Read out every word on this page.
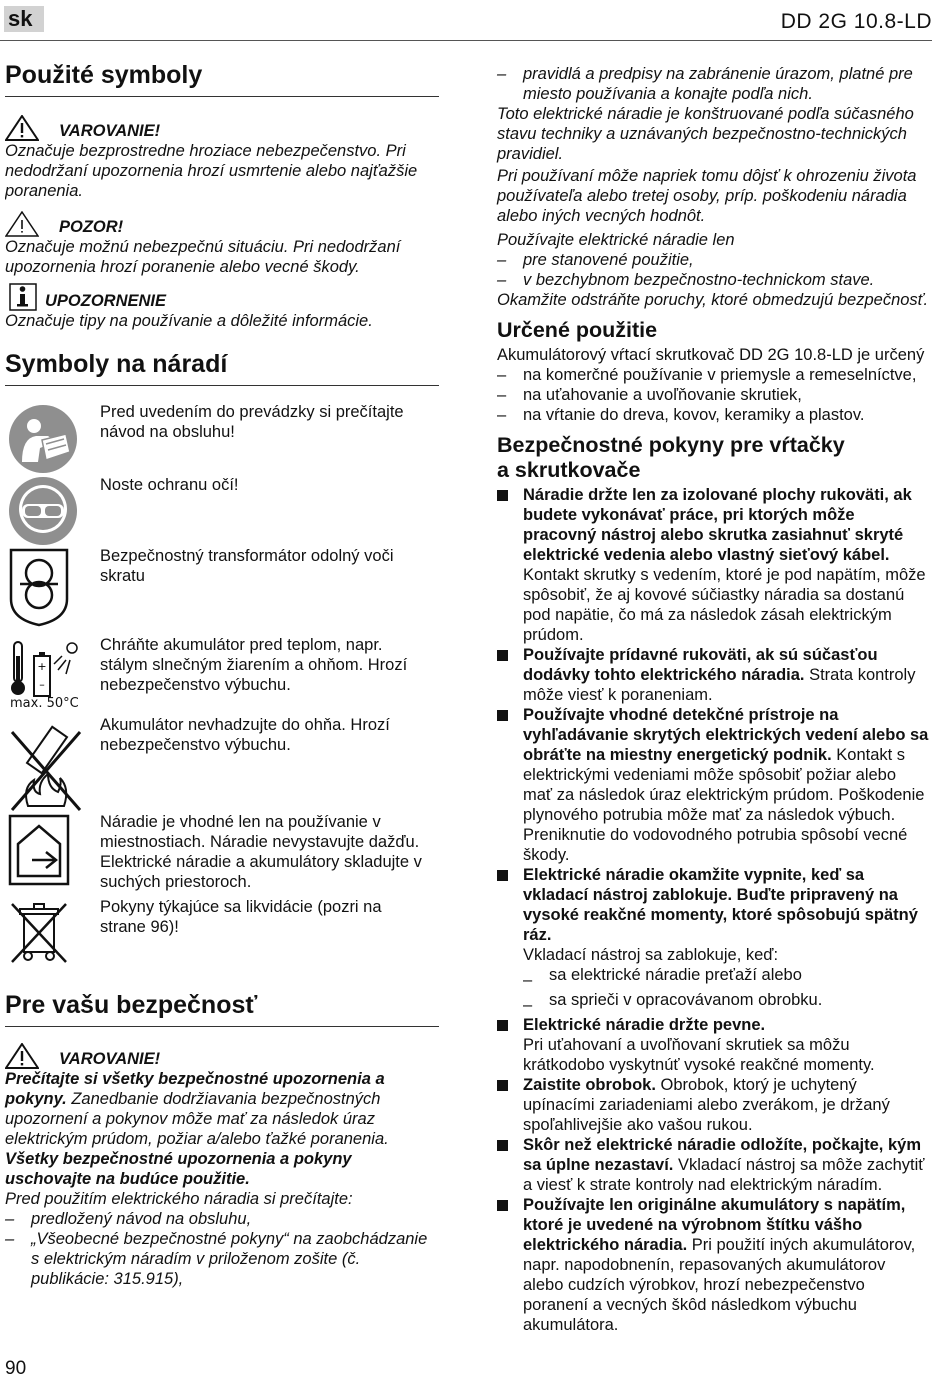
sk	DD 2G 10.8-LD
Použité symboly
VAROVANIE!

Označuje bezprostredne hroziace nebezpečenstvo. Pri nedodržaní upozornenia hrozí usmrtenie alebo najťažšie poranenia.

POZOR!

Označuje možnú nebezpečnú situáciu. Pri nedodržaní upozornenia hrozí poranenie alebo vecné škody.

UPOZORNENIE

Označuje tipy na používanie a dôležité informácie.

Symboly na náradí
+
–
max. 50°C
Pred uvedením do prevádzky si prečítajte návod na obsluhu!
Noste ochranu očí!
Bezpečnostný transformátor odolný voči skratu
Chráňte akumulátor pred teplom, napr. stálym slnečným žiarením a ohňom. Hrozí nebezpečenstvo výbuchu.
Akumulátor nevhadzujte do ohňa. Hrozí nebezpečenstvo výbuchu.
Náradie je vhodné len na používanie v miestnostiach. Náradie nevystavujte dažďu. Elektrické náradie a akumulátory skladujte v suchých priestoroch.
Pokyny týkajúce sa likvidácie (pozri na strane 96)!
Pre vašu bezpečnosť
VAROVANIE!

Prečítajte si všetky bezpečnostné upozornenia a pokyny. Zanedbanie dodržiavania bezpečnostných upozornení a pokynov môže mať za následok úraz elektrickým prúdom, požiar a/alebo ťažké poranenia. Všetky bezpečnostné upozornenia a pokyny uschovajte na budúce použitie.

Pred použitím elektrického náradia si prečítajte:

–	predložený návod na obsluhu,
–	„Všeobecné bezpečnostné pokyny“ na zaobchádzanie s elektrickým náradím v priloženom zošite (č. publikácie: 315.915),
–	pravidlá a predpisy na zabránenie úrazom, platné pre miesto používania a konajte podľa nich.

Toto elektrické náradie je konštruované podľa súčasného stavu techniky a uznávaných bezpečnostno-technických pravidiel.

Pri používaní môže napriek tomu dôjsť k ohrozeniu života používateľa alebo tretej osoby, príp. poškodeniu náradia alebo iných vecných hodnôt.

Používajte elektrické náradie len

–	pre stanovené použitie,
–	v bezchybnom bezpečnostno-technickom stave.

Okamžite odstráňte poruchy, ktoré obmedzujú bezpečnosť.

Určené použitie

Akumulátorový vŕtací skrutkovač DD 2G 10.8-LD je určený

–	na komerčné používanie v priemysle a remeselníctve,
–	na uťahovanie a uvoľňovanie skrutiek,
–	na vŕtanie do dreva, kovov, keramiky a plastov.
Bezpečnostné pokyny pre vŕtačky
a skrutkovače
Náradie držte len za izolované plochy rukoväti, ak budete vykonávať práce, pri ktorých môže pracovný nástroj alebo skrutka zasiahnuť skryté elektrické vedenia alebo vlastný sieťový kábel.
Kontakt skrutky s vedením, ktoré je pod napätím, môže spôsobiť, že aj kovové súčiastky náradia sa dostanú pod napätie, čo má za následok zásah elektrickým prúdom.
Používajte prídavné rukoväti, ak sú súčasťou dodávky tohto elektrického náradia. Strata kontroly môže viesť k poraneniam.
Používajte vhodné detekčné prístroje na vyhľadávanie skrytých elektrických vedení alebo sa obráťte na miestny energetický podnik. Kontakt s elektrickými vedeniami môže spôsobiť požiar alebo mať za následok úraz elektrickým prúdom. Poškodenie plynového potrubia môže mať za následok výbuch. Preniknutie do vodovodného potrubia spôsobí vecné škody.
Elektrické náradie okamžite vypnite, keď sa vkladací nástroj zablokuje. Buďte pripravený na vysoké reakčné momenty, ktoré spôsobujú spätný ráz.
Vkladací nástroj sa zablokuje, keď:
–	sa elektrické náradie preťaží alebo
–	sa sprieči v opracovávanom obrobku.
Elektrické náradie držte pevne.
Pri uťahovaní a uvoľňovaní skrutiek sa môžu krátkodobo vyskytnúť vysoké reakčné momenty.
Zaistite obrobok. Obrobok, ktorý je uchytený upínacími zariadeniami alebo zverákom, je držaný spoľahlivejšie ako vašou rukou.
Skôr než elektrické náradie odložíte, počkajte, kým sa úplne nezastaví. Vkladací nástroj sa môže zachytiť a viesť k strate kontroly nad elektrickým náradím.
Používajte len originálne akumulátory s napätím, ktoré je uvedené na výrobnom štítku vášho elektrického náradia. Pri použití iných akumulátorov, napr. napodobnenín, repasovaných akumulátorov alebo cudzích výrobkov, hrozí nebezpečenstvo poranení a vecných škôd následkom výbuchu akumulátora.
90
